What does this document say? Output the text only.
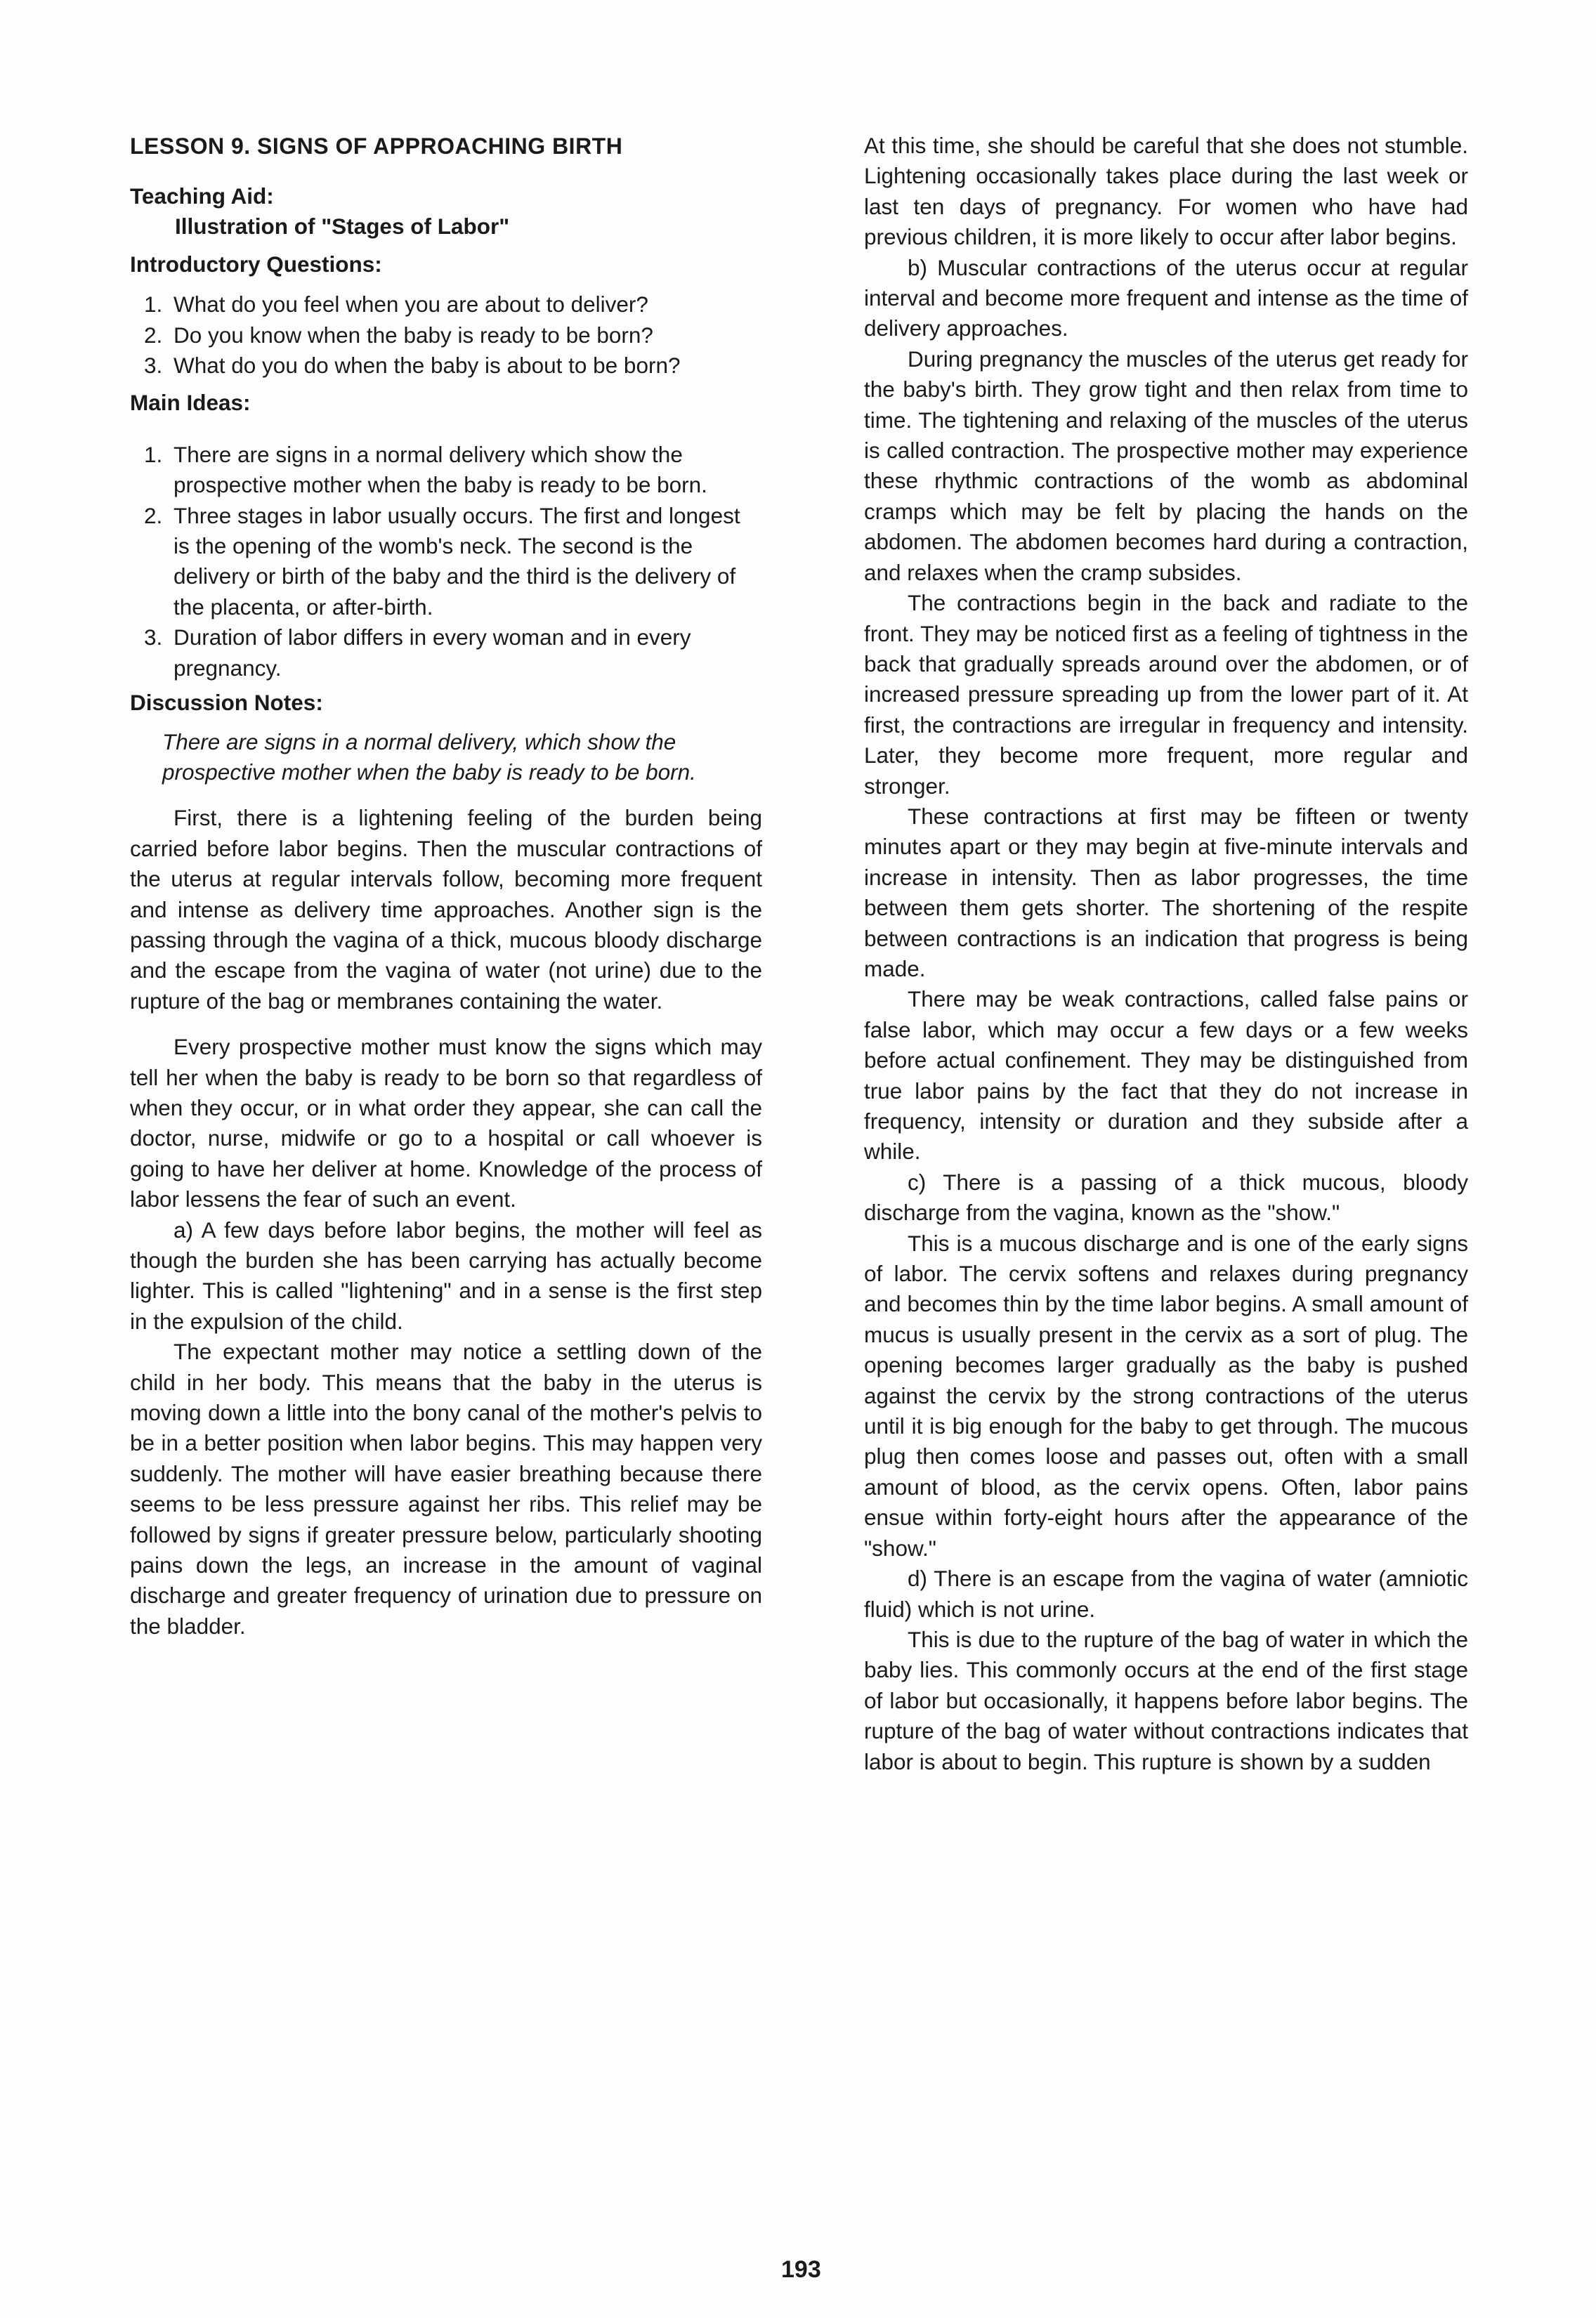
LESSON 9. SIGNS OF APPROACHING BIRTH
Teaching Aid:
Illustration of "Stages of Labor"
Introductory Questions:
1. What do you feel when you are about to deliver?
2. Do you know when the baby is ready to be born?
3. What do you do when the baby is about to be born?
Main Ideas:
1. There are signs in a normal delivery which show the prospective mother when the baby is ready to be born.
2. Three stages in labor usually occurs. The first and longest is the opening of the womb's neck. The second is the delivery or birth of the baby and the third is the delivery of the placenta, or after-birth.
3. Duration of labor differs in every woman and in every pregnancy.
Discussion Notes:
There are signs in a normal delivery, which show the prospective mother when the baby is ready to be born.

First, there is a lightening feeling of the burden being carried before labor begins. Then the muscular contractions of the uterus at regular intervals follow, becoming more frequent and intense as delivery time approaches. Another sign is the passing through the vagina of a thick, mucous bloody discharge and the escape from the vagina of water (not urine) due to the rupture of the bag or membranes containing the water.

Every prospective mother must know the signs which may tell her when the baby is ready to be born so that regardless of when they occur, or in what order they appear, she can call the doctor, nurse, midwife or go to a hospital or call whoever is going to have her deliver at home. Knowledge of the process of labor lessens the fear of such an event.

a) A few days before labor begins, the mother will feel as though the burden she has been carrying has actually become lighter. This is called "lightening" and in a sense is the first step in the expulsion of the child.

The expectant mother may notice a settling down of the child in her body. This means that the baby in the uterus is moving down a little into the bony canal of the mother's pelvis to be in a better position when labor begins. This may happen very suddenly. The mother will have easier breathing because there seems to be less pressure against her ribs. This relief may be followed by signs if greater pressure below, particularly shooting pains down the legs, an increase in the amount of vaginal discharge and greater frequency of urination due to pressure on the bladder.

At this time, she should be careful that she does not stumble. Lightening occasionally takes place during the last week or last ten days of pregnancy. For women who have had previous children, it is more likely to occur after labor begins.

b) Muscular contractions of the uterus occur at regular interval and become more frequent and intense as the time of delivery approaches.

During pregnancy the muscles of the uterus get ready for the baby's birth. They grow tight and then relax from time to time. The tightening and relaxing of the muscles of the uterus is called contraction. The prospective mother may experience these rhythmic contractions of the womb as abdominal cramps which may be felt by placing the hands on the abdomen. The abdomen becomes hard during a contraction, and relaxes when the cramp subsides.

The contractions begin in the back and radiate to the front. They may be noticed first as a feeling of tightness in the back that gradually spreads around over the abdomen, or of increased pressure spreading up from the lower part of it. At first, the contractions are irregular in frequency and intensity. Later, they become more frequent, more regular and stronger.

These contractions at first may be fifteen or twenty minutes apart or they may begin at five-minute intervals and increase in intensity. Then as labor progresses, the time between them gets shorter. The shortening of the respite between contractions is an indication that progress is being made.

There may be weak contractions, called false pains or false labor, which may occur a few days or a few weeks before actual confinement. They may be distinguished from true labor pains by the fact that they do not increase in frequency, intensity or duration and they subside after a while.

c) There is a passing of a thick mucous, bloody discharge from the vagina, known as the "show."

This is a mucous discharge and is one of the early signs of labor. The cervix softens and relaxes during pregnancy and becomes thin by the time labor begins. A small amount of mucus is usually present in the cervix as a sort of plug. The opening becomes larger gradually as the baby is pushed against the cervix by the strong contractions of the uterus until it is big enough for the baby to get through. The mucous plug then comes loose and passes out, often with a small amount of blood, as the cervix opens. Often, labor pains ensue within forty-eight hours after the appearance of the "show."

d) There is an escape from the vagina of water (amniotic fluid) which is not urine.

This is due to the rupture of the bag of water in which the baby lies. This commonly occurs at the end of the first stage of labor but occasionally, it happens before labor begins. The rupture of the bag of water without contractions indicates that labor is about to begin. This rupture is shown by a sudden

193
